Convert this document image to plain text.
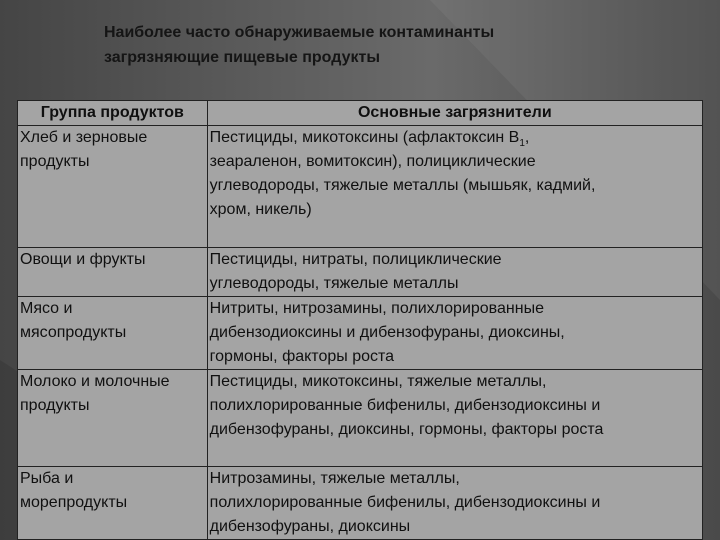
Наиболее часто обнаруживаемые контаминанты
загрязняющие пищевые продукты
Группа продуктов	Основные загрязнители

Хлеб и зерновые
продукты	Пестициды, микотоксины (афлактоксин $В_1$,
зеараленон, вомитоксин), полициклические
углеводороды, тяжелые металлы (мышьяк, кадмий,
хром, никель)

Овощи и фрукты	Пестициды, нитраты, полициклические
углеводороды, тяжелые металлы

Мясо и
мясопродукты	Нитриты, нитрозамины, полихлорированные
дибензодиоксины и дибензофураны, диоксины,
гормоны, факторы роста

Молоко и молочные
продукты	Пестициды, микотоксины, тяжелые металлы,
полихлорированные бифенилы, дибензодиоксины и
дибензофураны, диоксины, гормоны, факторы роста

Рыба и
морепродукты	Нитрозамины, тяжелые металлы,
полихлорированные бифенилы, дибензодиоксины и
дибензофураны, диоксины
